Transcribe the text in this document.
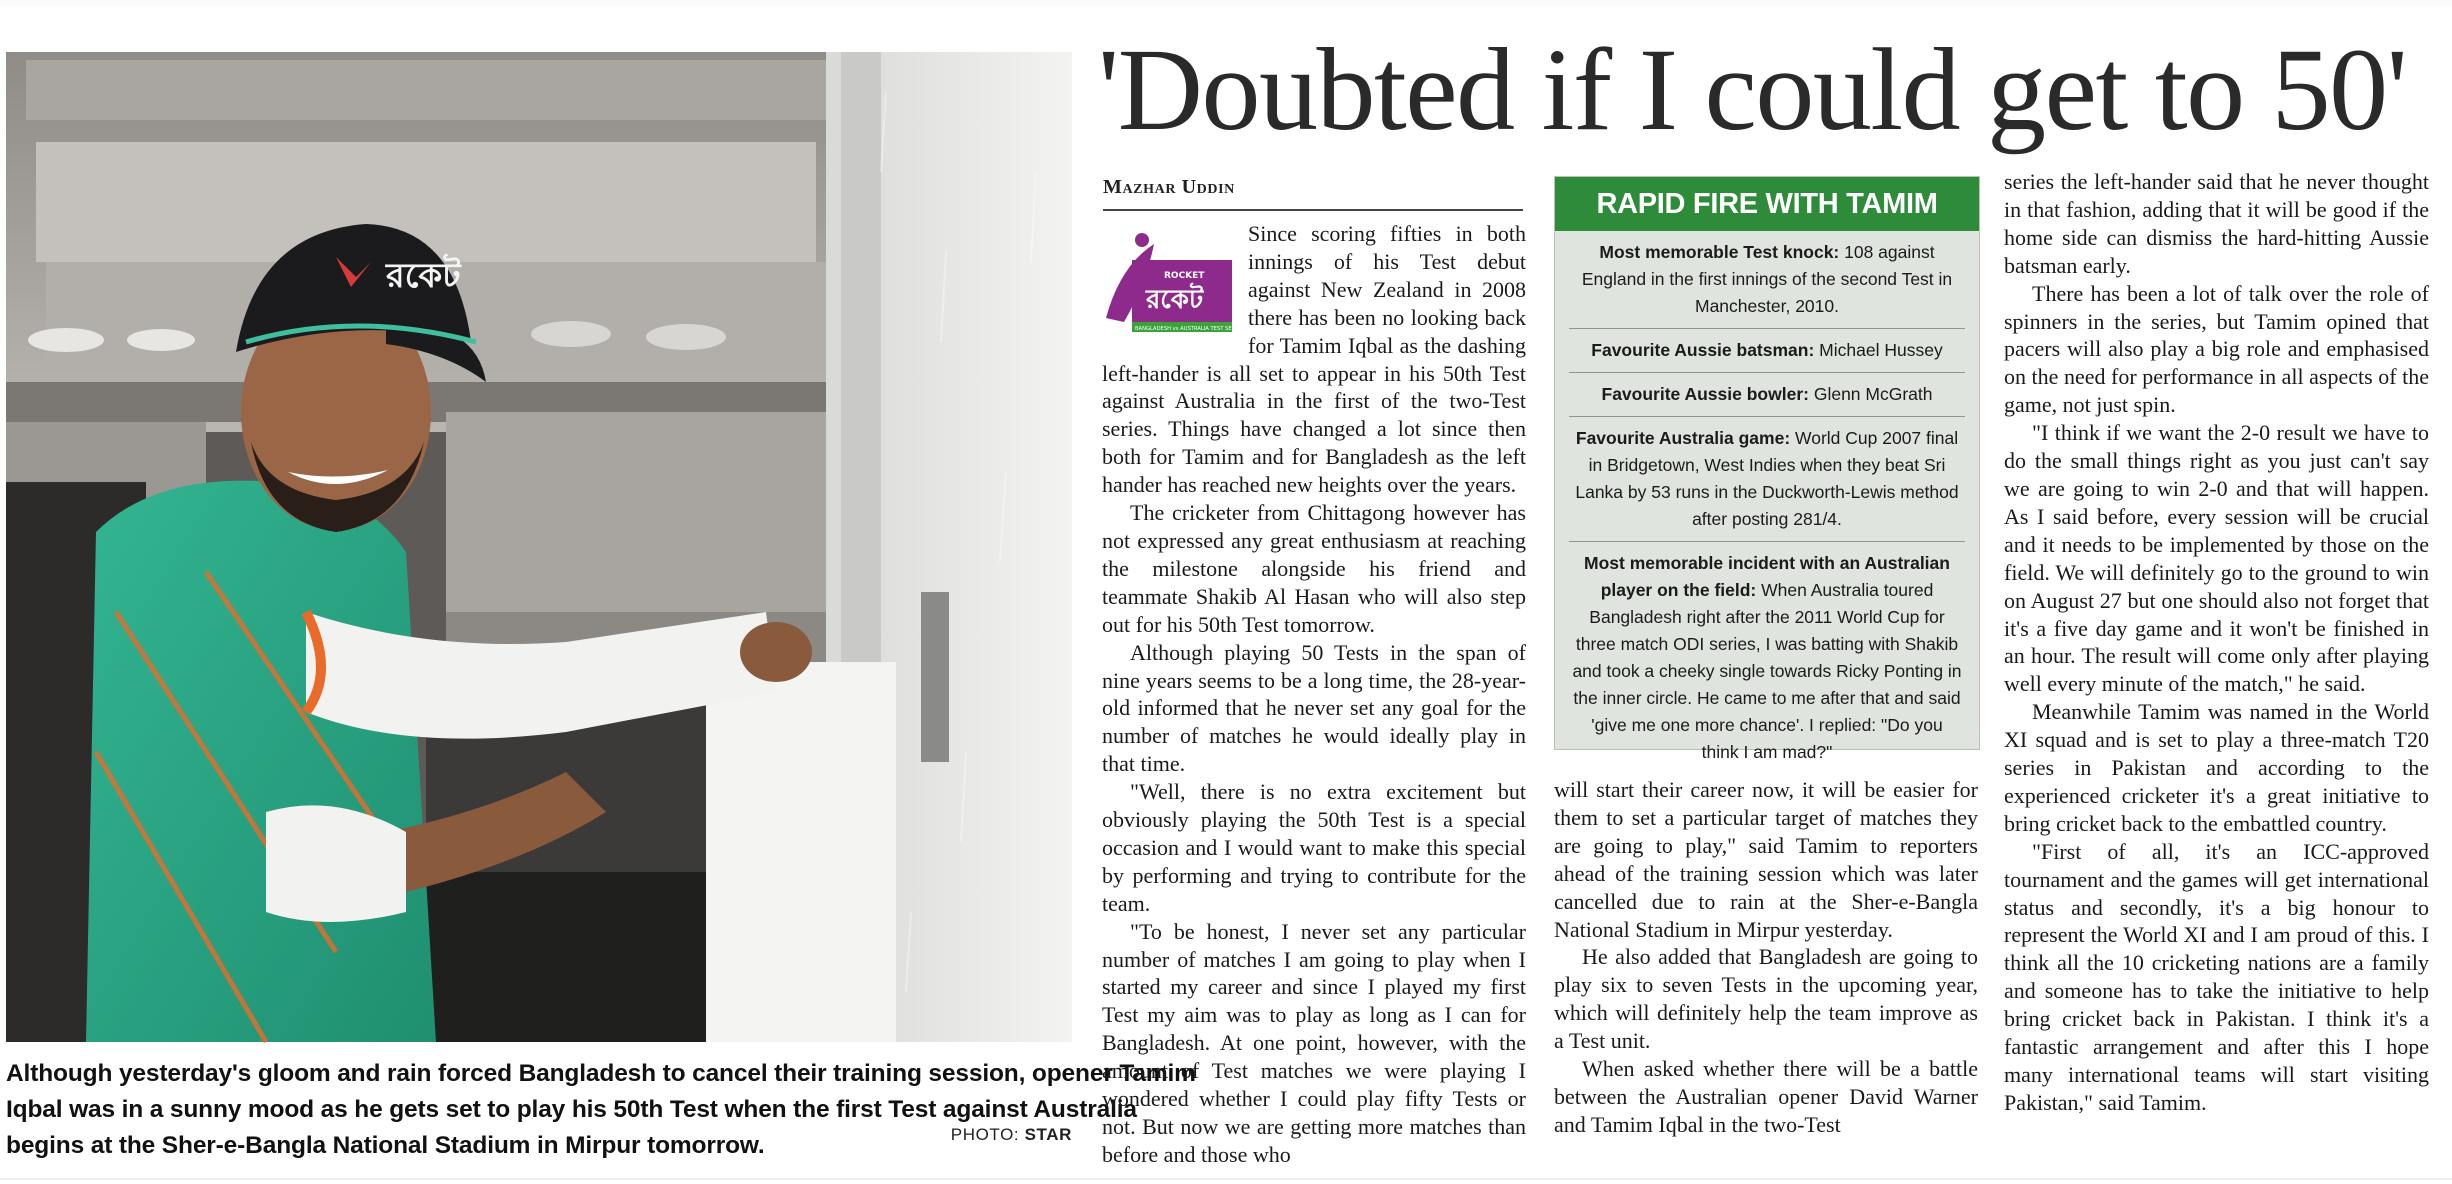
রকেট
Although yesterday's gloom and rain forced Bangladesh to cancel their training session, opener Tamim
Iqbal was in a sunny mood as he gets set to play his 50th Test when the first Test against Australia
begins at the Sher-e-Bangla National Stadium in Mirpur tomorrow.	PHOTO: STAR
'Doubted if I could get to 50'
Mazhar Uddin
ROCKET
রকেট
BANGLADESH vs AUSTRALIA TEST SERIES 2017

Since scoring fifties in both innings of his Test debut against New Zealand in 2008 there has been no looking back for Tamim Iqbal as the dashing left-hander is all set to appear in his 50th Test against Australia in the first of the two-Test series. Things have changed a lot since then both for Tamim and for Bangladesh as the left hander has reached new heights over the years.

The cricketer from Chittagong however has not expressed any great enthusiasm at reaching the milestone alongside his friend and teammate Shakib Al Hasan who will also step out for his 50th Test tomorrow.

Although playing 50 Tests in the span of nine years seems to be a long time, the 28-year-old informed that he never set any goal for the number of matches he would ideally play in that time.

"Well, there is no extra excitement but obviously playing the 50th Test is a special occasion and I would want to make this special by performing and trying to contribute for the team.

"To be honest, I never set any particular number of matches I am going to play when I started my career and since I played my first Test my aim was to play as long as I can for Bangladesh. At one point, however, with the amount of Test matches we were playing I wondered whether I could play fifty Tests or not. But now we are getting more matches than before and those who

RAPID FIRE WITH TAMIM
Most memorable Test knock: 108 against England in the first innings of the second Test in Manchester, 2010.
Favourite Aussie batsman: Michael Hussey
Favourite Aussie bowler: Glenn McGrath
Favourite Australia game: World Cup 2007 final in Bridgetown, West Indies when they beat Sri Lanka by 53 runs in the Duckworth-Lewis method after posting 281/4.
Most memorable incident with an Australian player on the field: When Australia toured Bangladesh right after the 2011 World Cup for three match ODI series, I was batting with Shakib and took a cheeky single towards Ricky Ponting in the inner circle. He came to me after that and said 'give me one more chance'. I replied: "Do you think I am mad?"

will start their career now, it will be easier for them to set a particular target of matches they are going to play," said Tamim to reporters ahead of the training session which was later cancelled due to rain at the Sher-e-Bangla National Stadium in Mirpur yesterday.

He also added that Bangladesh are going to play six to seven Tests in the upcoming year, which will definitely help the team improve as a Test unit.

When asked whether there will be a battle between the Australian opener David Warner and Tamim Iqbal in the two-Test

series the left-hander said that he never thought in that fashion, adding that it will be good if the home side can dismiss the hard-hitting Aussie batsman early.

There has been a lot of talk over the role of spinners in the series, but Tamim opined that pacers will also play a big role and emphasised on the need for performance in all aspects of the game, not just spin.

"I think if we want the 2-0 result we have to do the small things right as you just can't say we are going to win 2-0 and that will happen. As I said before, every session will be crucial and it needs to be implemented by those on the field. We will definitely go to the ground to win on August 27 but one should also not forget that it's a five day game and it won't be finished in an hour. The result will come only after playing well every minute of the match," he said.

Meanwhile Tamim was named in the World XI squad and is set to play a three-match T20 series in Pakistan and according to the experienced cricketer it's a great initiative to bring cricket back to the embattled country.

"First of all, it's an ICC-approved tournament and the games will get international status and secondly, it's a big honour to represent the World XI and I am proud of this. I think all the 10 cricketing nations are a family and someone has to take the initiative to help bring cricket back in Pakistan. I think it's a fantastic arrangement and after this I hope many international teams will start visiting Pakistan," said Tamim.
